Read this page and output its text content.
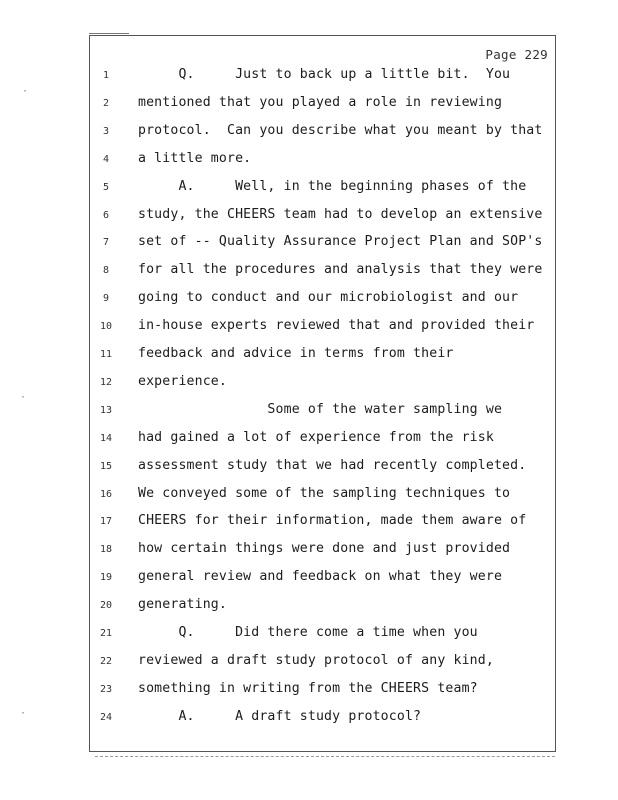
Page 229
1	Q.     Just to back up a little bit.  You
2	mentioned that you played a role in reviewing
3	protocol.  Can you describe what you meant by that
4	a little more.
5	A.     Well, in the beginning phases of the
6	study, the CHEERS team had to develop an extensive
7	set of -- Quality Assurance Project Plan and SOP's
8	for all the procedures and analysis that they were
9	going to conduct and our microbiologist and our
10	in-house experts reviewed that and provided their
11	feedback and advice in terms from their
12	experience.
13	Some of the water sampling we
14	had gained a lot of experience from the risk
15	assessment study that we had recently completed.
16	We conveyed some of the sampling techniques to
17	CHEERS for their information, made them aware of
18	how certain things were done and just provided
19	general review and feedback on what they were
20	generating.
21	Q.     Did there come a time when you
22	reviewed a draft study protocol of any kind,
23	something in writing from the CHEERS team?
24	A.     A draft study protocol?
·
·
·
